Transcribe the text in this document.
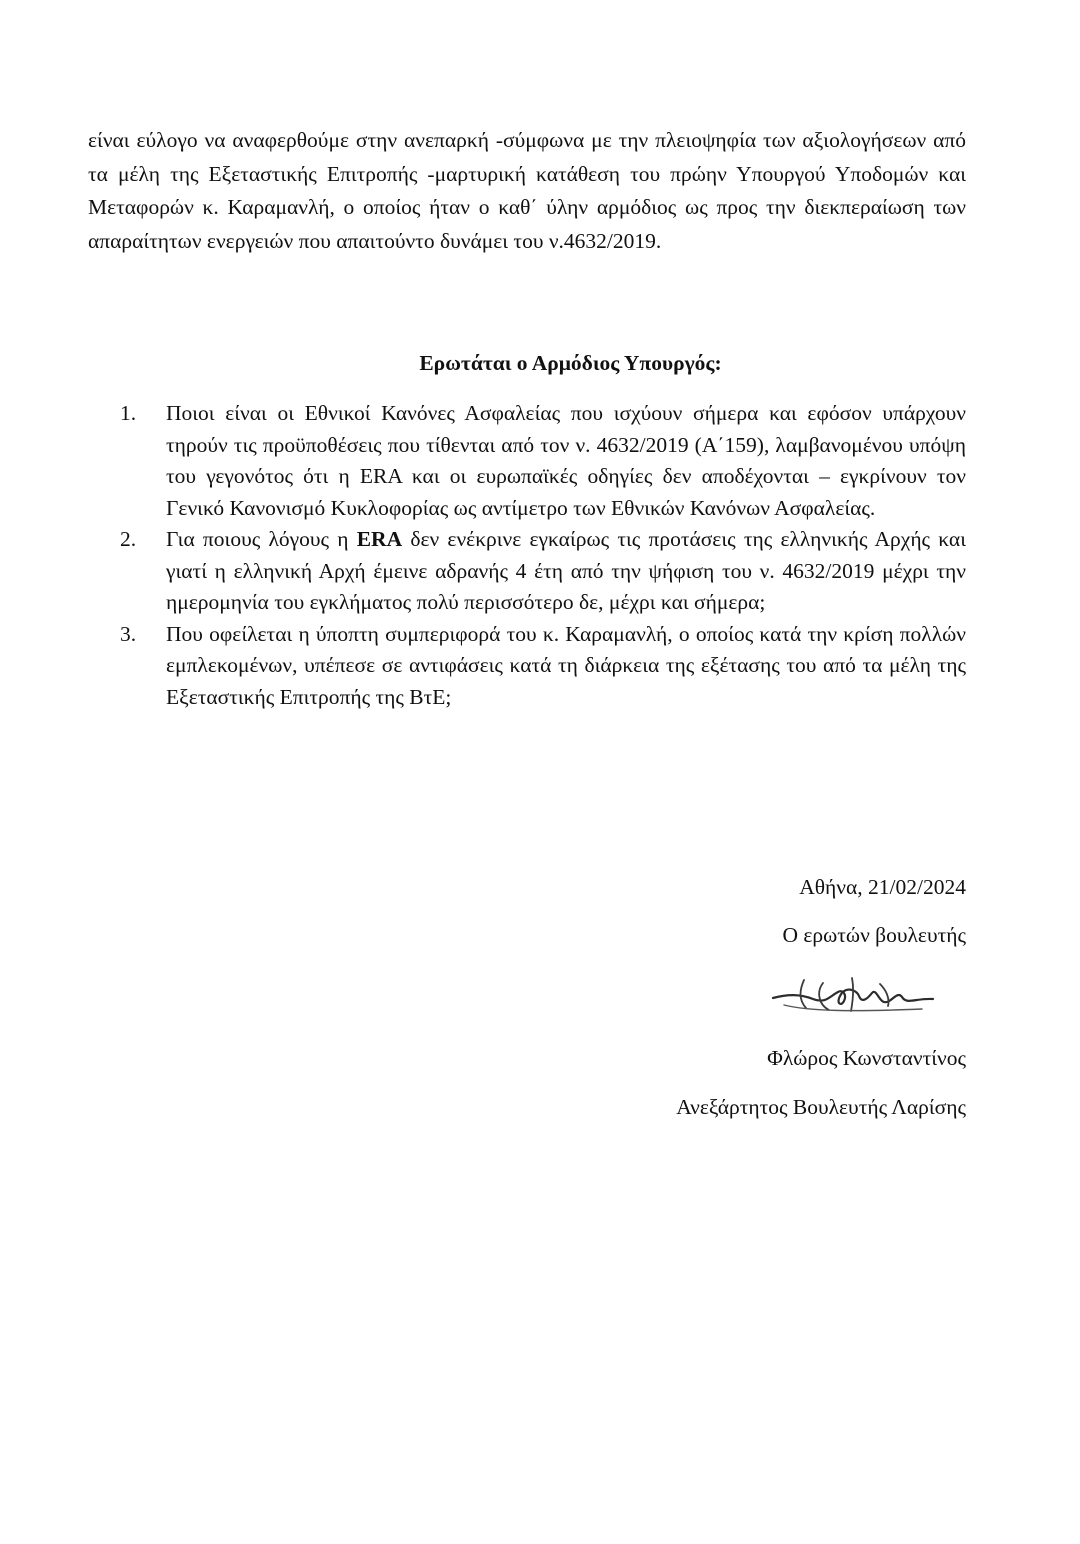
είναι εύλογο να αναφερθούμε στην ανεπαρκή -σύμφωνα με την πλειοψηφία των αξιολογήσεων από τα μέλη της Εξεταστικής Επιτροπής -μαρτυρική κατάθεση του πρώην Υπουργού Υποδομών και Μεταφορών κ. Καραμανλή, ο οποίος ήταν ο καθ΄ ύλην αρμόδιος ως προς την διεκπεραίωση των απαραίτητων ενεργειών που απαιτούντο δυνάμει του ν.4632/2019.

Ερωτάται ο Αρμόδιος Υπουργός:

1. Ποιοι είναι οι Εθνικοί Κανόνες Ασφαλείας που ισχύουν σήμερα και εφόσον υπάρχουν τηρούν τις προϋποθέσεις που τίθενται από τον ν. 4632/2019 (Α΄159), λαμβανομένου υπόψη του γεγονότος ότι η ERA και οι ευρωπαϊκές οδηγίες δεν αποδέχονται – εγκρίνουν τον Γενικό Κανονισμό Κυκλοφορίας ως αντίμετρο των Εθνικών Κανόνων Ασφαλείας.
2. Για ποιους λόγους η ERA δεν ενέκρινε εγκαίρως τις προτάσεις της ελληνικής Αρχής και γιατί η ελληνική Αρχή έμεινε αδρανής 4 έτη από την ψήφιση του ν. 4632/2019 μέχρι την ημερομηνία του εγκλήματος πολύ περισσότερο δε, μέχρι και σήμερα;
3. Που οφείλεται η ύποπτη συμπεριφορά του κ. Καραμανλή, ο οποίος κατά την κρίση πολλών εμπλεκομένων, υπέπεσε σε αντιφάσεις κατά τη διάρκεια της εξέτασης του από τα μέλη της Εξεταστικής Επιτροπής της ΒτΕ;

Αθήνα, 21/02/2024

Ο ερωτών βουλευτής

Φλώρος Κωνσταντίνος

Ανεξάρτητος Βουλευτής Λαρίσης
